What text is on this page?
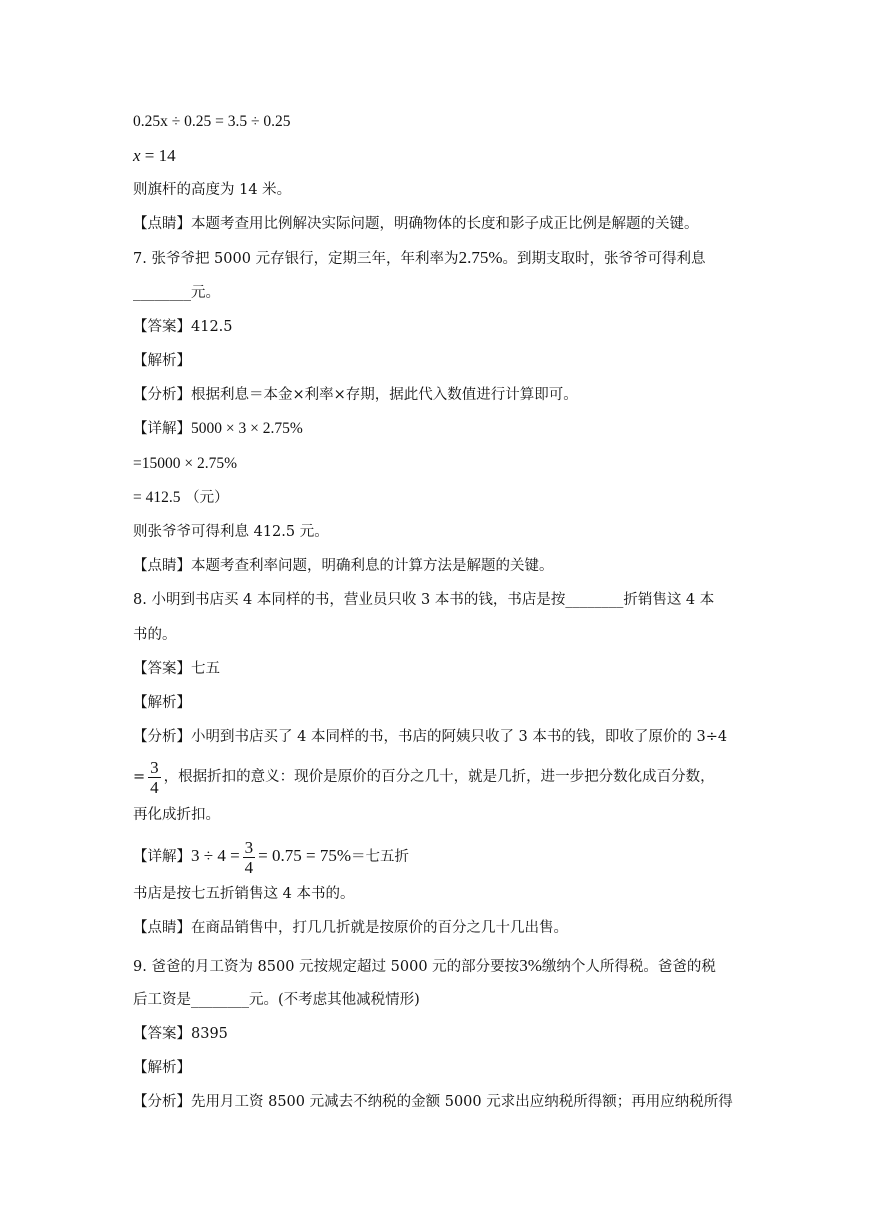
0.25x ÷ 0.25 = 3.5 ÷ 0.25
x = 14
则旗杆的高度为 14 米。
【点睛】本题考查用比例解决实际问题，明确物体的长度和影子成正比例是解题的关键。
7. 张爷爷把 5000 元存银行，定期三年，年利率为2.75%。到期支取时，张爷爷可得利息
________元。
【答案】412.5
【解析】
【分析】根据利息＝本金×利率×存期，据此代入数值进行计算即可。
【详解】5000 × 3 × 2.75%
=15000 × 2.75%
= 412.5 （元）
则张爷爷可得利息 412.5 元。
【点睛】本题考查利率问题，明确利息的计算方法是解题的关键。
8. 小明到书店买 4 本同样的书，营业员只收 3 本书的钱，书店是按________折销售这 4 本
书的。
【答案】七五
【解析】
【分析】小明到书店买了 4 本同样的书，书店的阿姨只收了 3 本书的钱，即收了原价的 3÷4
= $\frac{3}{4}$ ，根据折扣的意义：现价是原价的百分之几十，就是几折，进一步把分数化成百分数，
再化成折扣。
【详解】$3 \div 4 = \frac{3}{4} = 0.75 = 75\%=$七五折
书店是按七五折销售这 4 本书的。
【点睛】在商品销售中，打几几折就是按原价的百分之几十几出售。
9. 爸爸的月工资为 8500 元按规定超过 5000 元的部分要按3%缴纳个人所得税。爸爸的税
后工资是________元。(不考虑其他减税情形)
【答案】8395
【解析】
【分析】先用月工资 8500 元减去不纳税的金额 5000 元求出应纳税所得额；再用应纳税所得
